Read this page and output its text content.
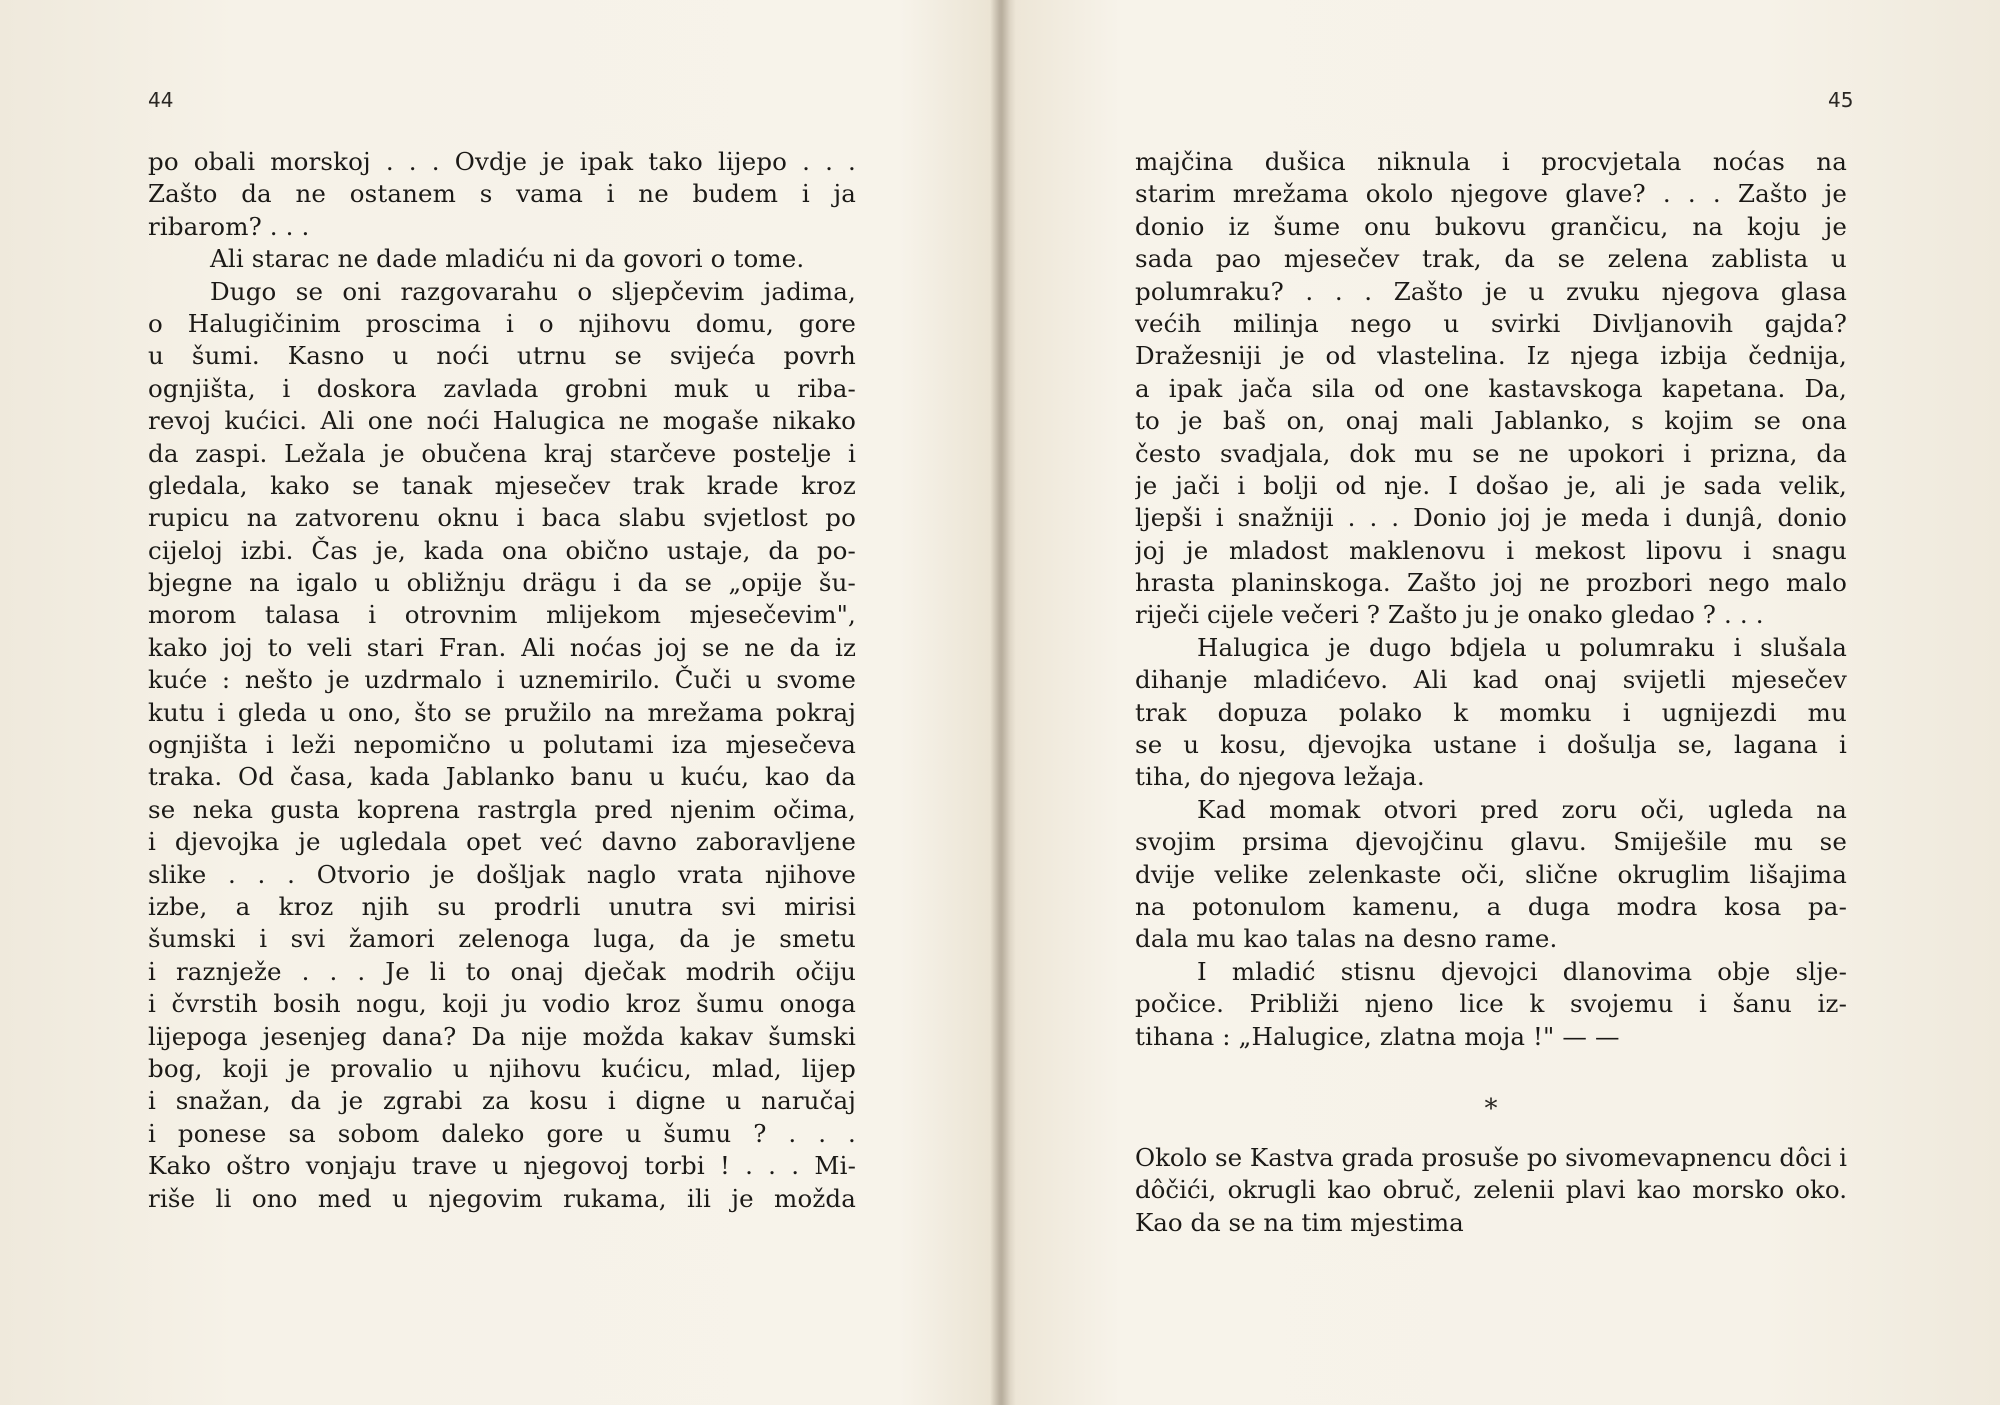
44
po obali morskoj . . . Ovdje je ipak tako lijepo . . .
Zašto da ne ostanem s vama i ne budem i ja
ribarom? . . .
Ali starac ne dade mladiću ni da govori o tome.
Dugo se oni razgovarahu o sljepčevim jadima,
o Halugičinim proscima i o njihovu domu, gore
u šumi. Kasno u noći utrnu se svijeća povrh
ognjišta, i doskora zavlada grobni muk u riba-
revoj kućici. Ali one noći Halugica ne mogaše nikako
da zaspi. Ležala je obučena kraj starčeve postelje i
gledala, kako se tanak mjesečev trak krade kroz
rupicu na zatvorenu oknu i baca slabu svjetlost po
cijeloj izbi. Čas je, kada ona obično ustaje, da po-
bjegne na igalo u obližnju drägu i da se „opije šu-
morom talasa i otrovnim mlijekom mjesečevim",
kako joj to veli stari Fran. Ali noćas joj se ne da iz
kuće : nešto je uzdrmalo i uznemirilo. Čuči u svome
kutu i gleda u ono, što se pružilo na mrežama pokraj
ognjišta i leži nepomično u polutami iza mjesečeva
traka. Od časa, kada Jablanko banu u kuću, kao da
se neka gusta koprena rastrgla pred njenim očima,
i djevojka je ugledala opet već davno zaboravljene
slike . . . Otvorio je došljak naglo vrata njihove
izbe, a kroz njih su prodrli unutra svi mirisi
šumski i svi žamori zelenoga luga, da je smetu
i raznježe . . . Je li to onaj dječak modrih očiju
i čvrstih bosih nogu, koji ju vodio kroz šumu onoga
lijepoga jesenjeg dana? Da nije možda kakav šumski
bog, koji je provalio u njihovu kućicu, mlad, lijep
i snažan, da je zgrabi za kosu i digne u naručaj
i ponese sa sobom daleko gore u šumu ? . . .
Kako oštro vonjaju trave u njegovoj torbi ! . . . Mi-
riše li ono med u njegovim rukama, ili je možda
45
majčina dušica niknula i procvjetala noćas na
starim mrežama okolo njegove glave? . . . Zašto je
donio iz šume onu bukovu grančicu, na koju je
sada pao mjesečev trak, da se zelena zablista u
polumraku? . . . Zašto je u zvuku njegova glasa
većih milinja nego u svirki Divljanovih gajda?
Dražesniji je od vlastelina. Iz njega izbija čednija,
a ipak jača sila od one kastavskoga kapetana. Da,
to je baš on, onaj mali Jablanko, s kojim se ona
često svadjala, dok mu se ne upokori i prizna, da
je jači i bolji od nje. I došao je, ali je sada velik,
ljepši i snažniji . . . Donio joj je meda i dunjâ, donio
joj je mladost maklenovu i mekost lipovu i snagu
hrasta planinskoga. Zašto joj ne prozbori nego malo
riječi cijele večeri ? Zašto ju je onako gledao ? . . .
Halugica je dugo bdjela u polumraku i slušala
dihanje mladićevo. Ali kad onaj svijetli mjesečev
trak dopuza polako k momku i ugnijezdi mu
se u kosu, djevojka ustane i došulja se, lagana i
tiha, do njegova ležaja.
Kad momak otvori pred zoru oči, ugleda na
svojim prsima djevojčinu glavu. Smiješile mu se
dvije velike zelenkaste oči, slične okruglim lišajima
na potonulom kamenu, a duga modra kosa pa-
dala mu kao talas na desno rame.
I mladić stisnu djevojci dlanovima obje slje-
počice. Približi njeno lice k svojemu i šanu iz-
tihana : „Halugice, zlatna moja !" — —
*
Okolo se Kastva grada prosuše po sivomevapnencu dôci i dôčići, okrugli kao obruč, zelenii plavi kao morsko oko. Kao da se na tim mjestima
